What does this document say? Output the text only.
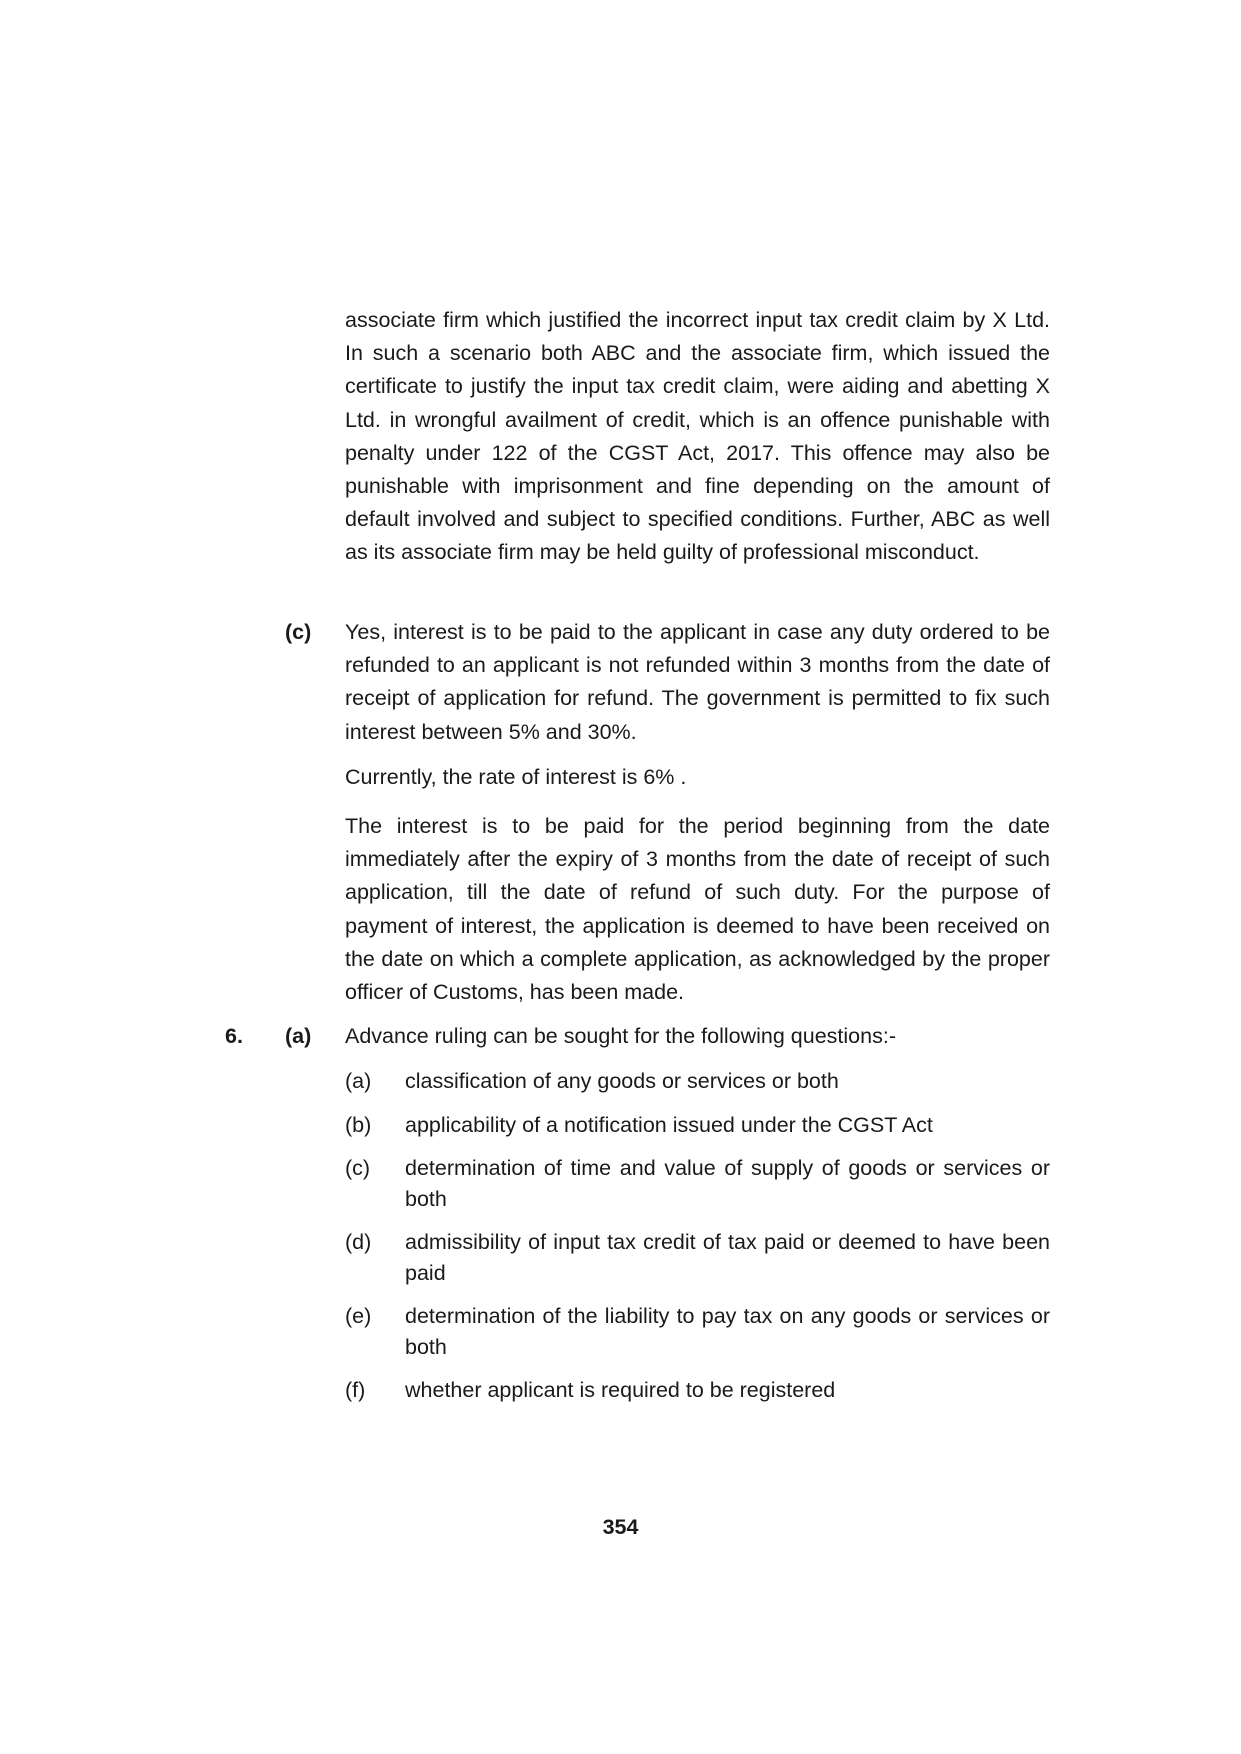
associate firm which justified the incorrect input tax credit claim by X Ltd. In such a scenario both ABC and the associate firm, which issued the certificate to justify the input tax credit claim, were aiding and abetting X Ltd. in wrongful availment of credit, which is an offence punishable with penalty under 122 of the CGST Act, 2017. This offence may also be punishable with imprisonment and fine depending on the amount of default involved and subject to specified conditions. Further, ABC as well as its associate firm may be held guilty of professional misconduct.

(c) Yes, interest is to be paid to the applicant in case any duty ordered to be refunded to an applicant is not refunded within 3 months from the date of receipt of application for refund. The government is permitted to fix such interest between 5% and 30%.

Currently, the rate of interest is 6% .

The interest is to be paid for the period beginning from the date immediately after the expiry of 3 months from the date of receipt of such application, till the date of refund of such duty. For the purpose of payment of interest, the application is deemed to have been received on the date on which a complete application, as acknowledged by the proper officer of Customs, has been made.

6. (a) Advance ruling can be sought for the following questions:-

(a)	classification of any goods or services or both
(b)	applicability of a notification issued under the CGST Act
(c)	determination of time and value of supply of goods or services or both
(d)	admissibility of input tax credit of tax paid or deemed to have been paid
(e)	determination of the liability to pay tax on any goods or services or both
(f)	whether applicant is required to be registered
354
